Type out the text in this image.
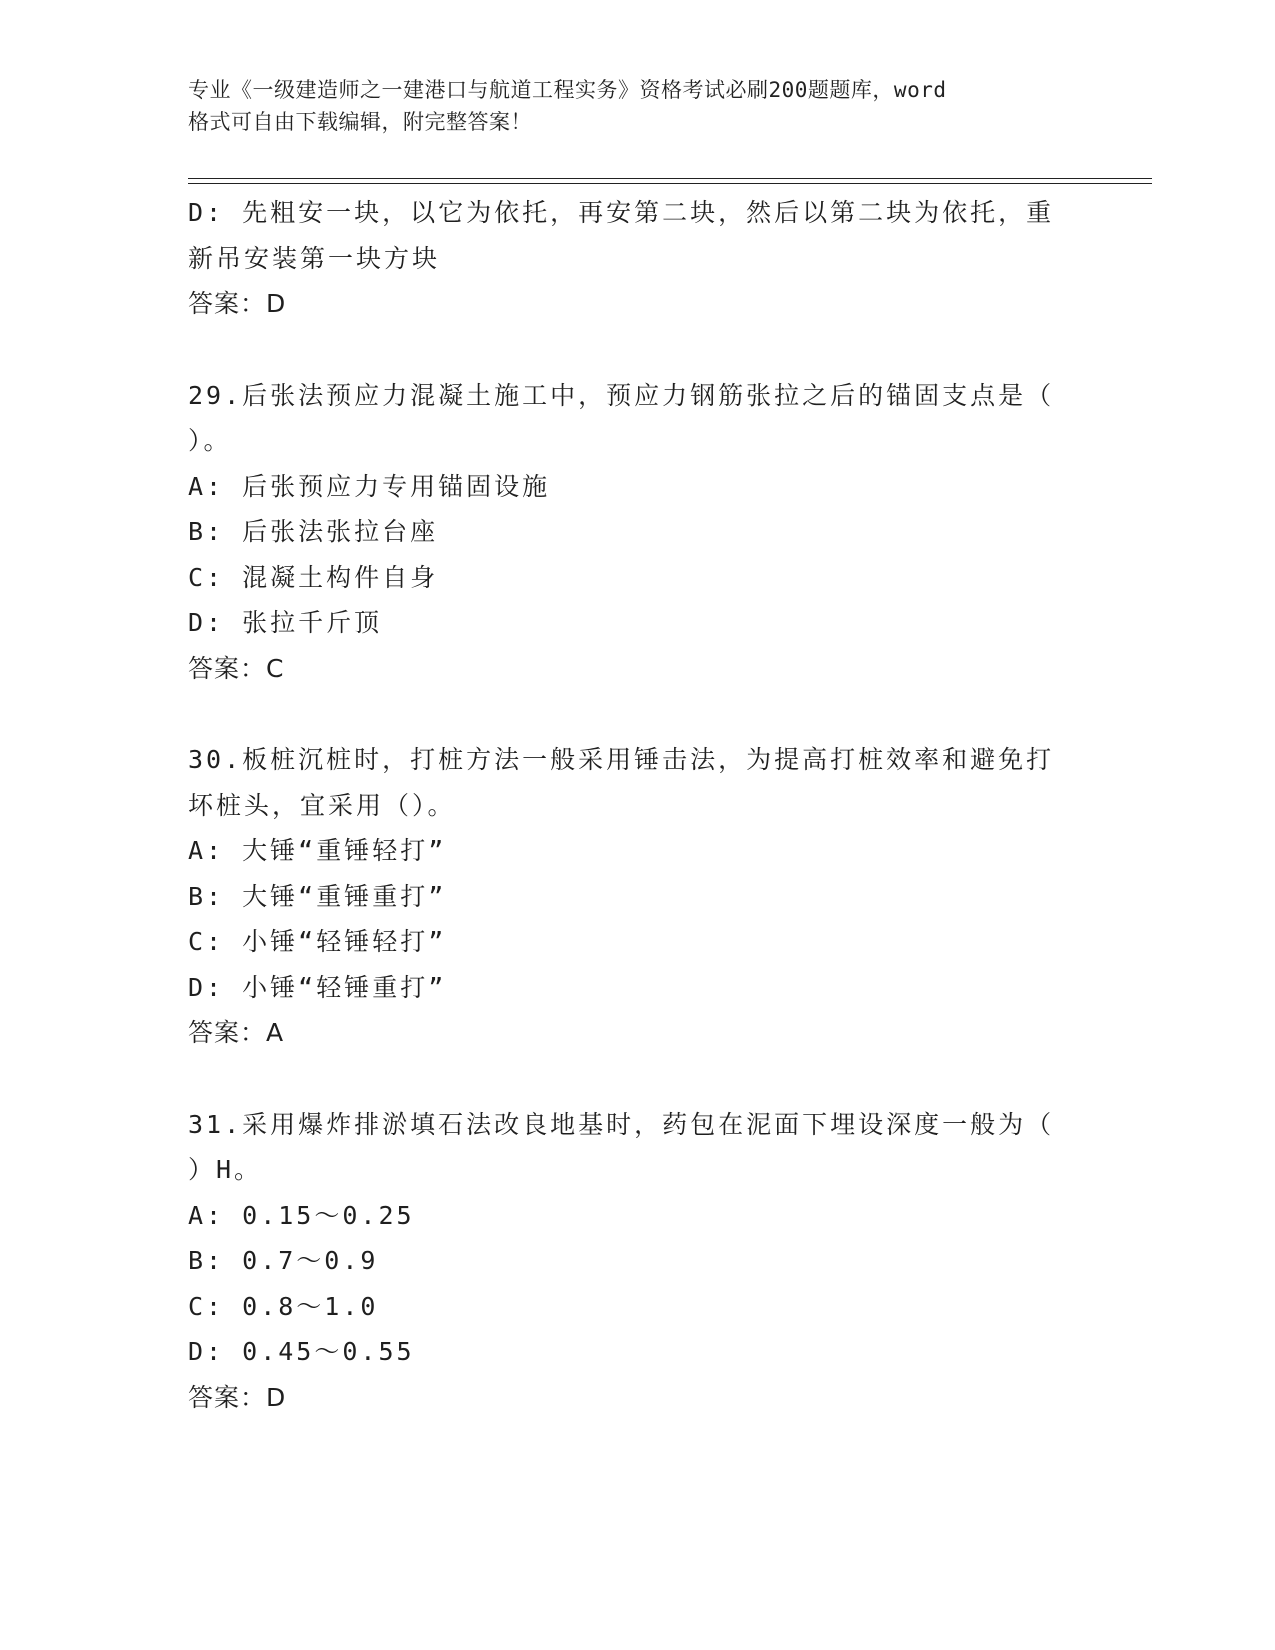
专业《一级建造师之一建港口与航道工程实务》资格考试必刷200题题库，word
格式可自由下载编辑，附完整答案！
D: 先粗安一块，以它为依托，再安第二块，然后以第二块为依托，重
新吊安装第一块方块
答案：D
29.后张法预应力混凝土施工中，预应力钢筋张拉之后的锚固支点是（
）。
A: 后张预应力专用锚固设施
B: 后张法张拉台座
C: 混凝土构件自身
D: 张拉千斤顶
答案：C
30.板桩沉桩时，打桩方法一般采用锤击法，为提高打桩效率和避免打
坏桩头，宜采用（）。
A: 大锤“重锤轻打”
B: 大锤“重锤重打”
C: 小锤“轻锤轻打”
D: 小锤“轻锤重打”
答案：A
31.采用爆炸排淤填石法改良地基时，药包在泥面下埋设深度一般为（
）H。
A: 0.15～0.25
B: 0.7～0.9
C: 0.8～1.0
D: 0.45～0.55
答案：D
